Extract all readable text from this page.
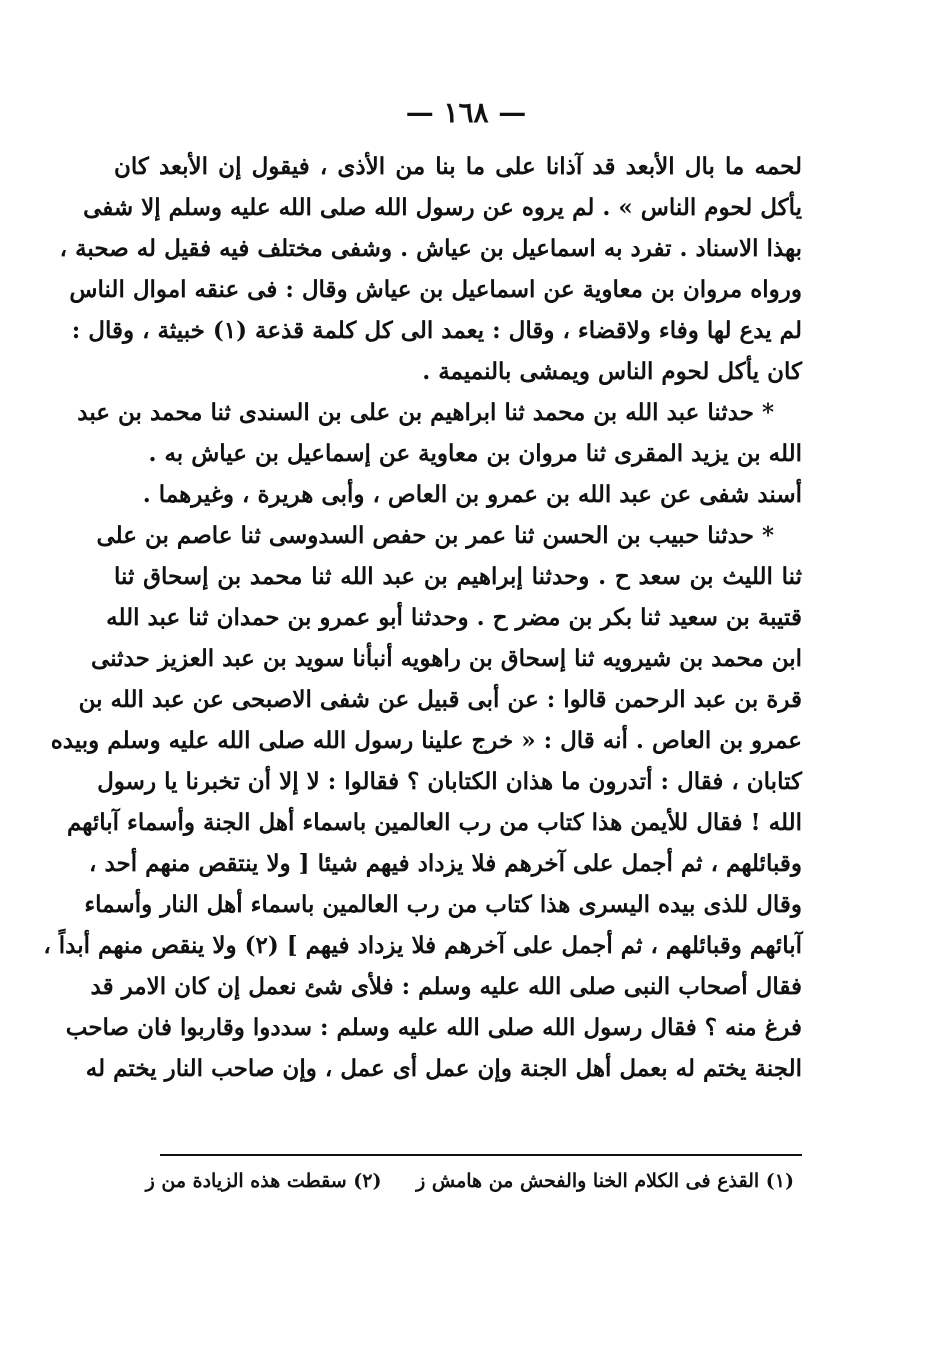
— ١٦٨ —
لحمه ما بال الأبعد قد آذانا على ما بنا من الأذى ، فيقول إن الأبعد كان
يأكل لحوم الناس » . لم يروه عن رسول الله صلى الله عليه وسلم إلا شفى
بهذا الاسناد . تفرد به اسماعيل بن عياش . وشفى مختلف فيه فقيل له صحبة ،
ورواه مروان بن معاوية عن اسماعيل بن عياش وقال : فى عنقه اموال الناس
لم يدع لها وفاء ولاقضاء ، وقال : يعمد الى كل كلمة قذعة (١) خبيثة ، وقال :
كان يأكل لحوم الناس ويمشى بالنميمة .
* حدثنا عبد الله بن محمد ثنا ابراهيم بن على بن السندى ثنا محمد بن عبد
الله بن يزيد المقرى ثنا مروان بن معاوية عن إسماعيل بن عياش به .
أسند شفى عن عبد الله بن عمرو بن العاص ، وأبى هريرة ، وغيرهما .
* حدثنا حبيب بن الحسن ثنا عمر بن حفص السدوسى ثنا عاصم بن على
ثنا الليث بن سعد ح . وحدثنا إبراهيم بن عبد الله ثنا محمد بن إسحاق ثنا
قتيبة بن سعيد ثنا بكر بن مضر ح . وحدثنا أبو عمرو بن حمدان ثنا عبد الله
ابن محمد بن شيرويه ثنا إسحاق بن راهويه أنبأنا سويد بن عبد العزيز حدثنى
قرة بن عبد الرحمن قالوا : عن أبى قبيل عن شفى الاصبحى عن عبد الله بن
عمرو بن العاص . أنه قال : « خرج علينا رسول الله صلى الله عليه وسلم وبيده
كتابان ، فقال : أتدرون ما هذان الكتابان ؟ فقالوا : لا إلا أن تخبرنا يا رسول
الله ! فقال للأيمن هذا كتاب من رب العالمين باسماء أهل الجنة وأسماء آبائهم
وقبائلهم ، ثم أجمل على آخرهم فلا يزداد فيهم شيئا [ ولا ينتقص منهم أحد ،
وقال للذى بيده اليسرى هذا كتاب من رب العالمين باسماء أهل النار وأسماء
آبائهم وقبائلهم ، ثم أجمل على آخرهم فلا يزداد فيهم ] (٢) ولا ينقص منهم أبداً ،
فقال أصحاب النبى صلى الله عليه وسلم : فلأى شئ نعمل إن كان الامر قد
فرغ منه ؟ فقال رسول الله صلى الله عليه وسلم : سددوا وقاربوا فان صاحب
الجنة يختم له بعمل أهل الجنة وإن عمل أى عمل ، وإن صاحب النار يختم له
(١) القذع فى الكلام الخنا والفحش من هامش ز (٢) سقطت هذه الزيادة من ز
